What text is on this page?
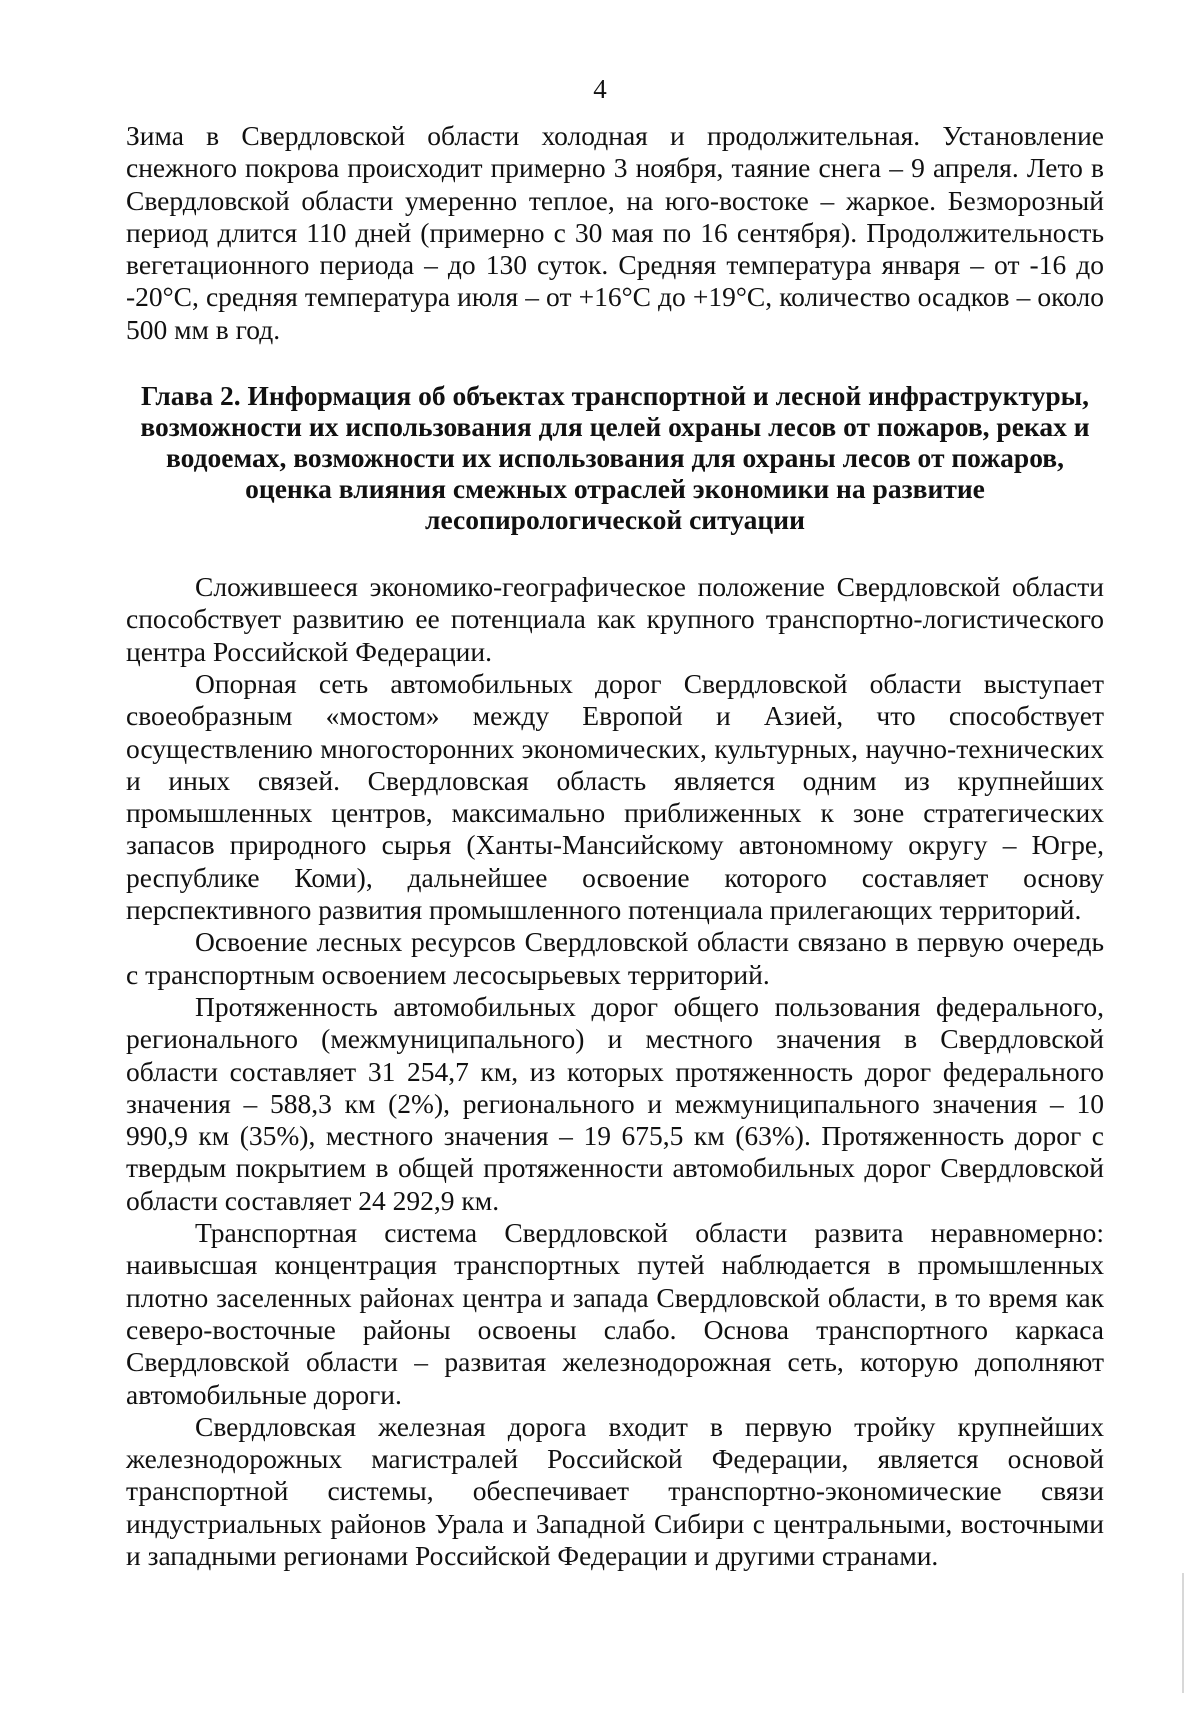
4

Зима в Свердловской области холодная и продолжительная. Установление снежного покрова происходит примерно 3 ноября, таяние снега – 9 апреля. Лето в Свердловской области умеренно теплое, на юго-востоке – жаркое. Безморозный период длится 110 дней (примерно с 30 мая по 16 сентября). Продолжительность вегетационного периода – до 130 суток. Средняя температура января – от -16 до -20°С, средняя температура июля – от +16°С до +19°С, количество осадков – около 500 мм в год.

Глава 2. Информация об объектах транспортной и лесной инфраструктуры, возможности их использования для целей охраны лесов от пожаров, реках и водоемах, возможности их использования для охраны лесов от пожаров, оценка влияния смежных отраслей экономики на развитие лесопирологической ситуации

Сложившееся экономико-географическое положение Свердловской области способствует развитию ее потенциала как крупного транспортно-логистического центра Российской Федерации.

Опорная сеть автомобильных дорог Свердловской области выступает своеобразным «мостом» между Европой и Азией, что способствует осуществлению многосторонних экономических, культурных, научно-технических и иных связей. Свердловская область является одним из крупнейших промышленных центров, максимально приближенных к зоне стратегических запасов природного сырья (Ханты-Мансийскому автономному округу – Югре, республике Коми), дальнейшее освоение которого составляет основу перспективного развития промышленного потенциала прилегающих территорий.

Освоение лесных ресурсов Свердловской области связано в первую очередь с транспортным освоением лесосырьевых территорий.

Протяженность автомобильных дорог общего пользования федерального, регионального (межмуниципального) и местного значения в Свердловской области составляет 31 254,7 км, из которых протяженность дорог федерального значения – 588,3 км (2%), регионального и межмуниципального значения – 10 990,9 км (35%), местного значения – 19 675,5 км (63%). Протяженность дорог с твердым покрытием в общей протяженности автомобильных дорог Свердловской области составляет 24 292,9 км.

Транспортная система Свердловской области развита неравномерно: наивысшая концентрация транспортных путей наблюдается в промышленных плотно заселенных районах центра и запада Свердловской области, в то время как северо-восточные районы освоены слабо. Основа транспортного каркаса Свердловской области – развитая железнодорожная сеть, которую дополняют автомобильные дороги.

Свердловская железная дорога входит в первую тройку крупнейших железнодорожных магистралей Российской Федерации, является основой транспортной системы, обеспечивает транспортно-экономические связи индустриальных районов Урала и Западной Сибири с центральными, восточными и западными регионами Российской Федерации и другими странами.
